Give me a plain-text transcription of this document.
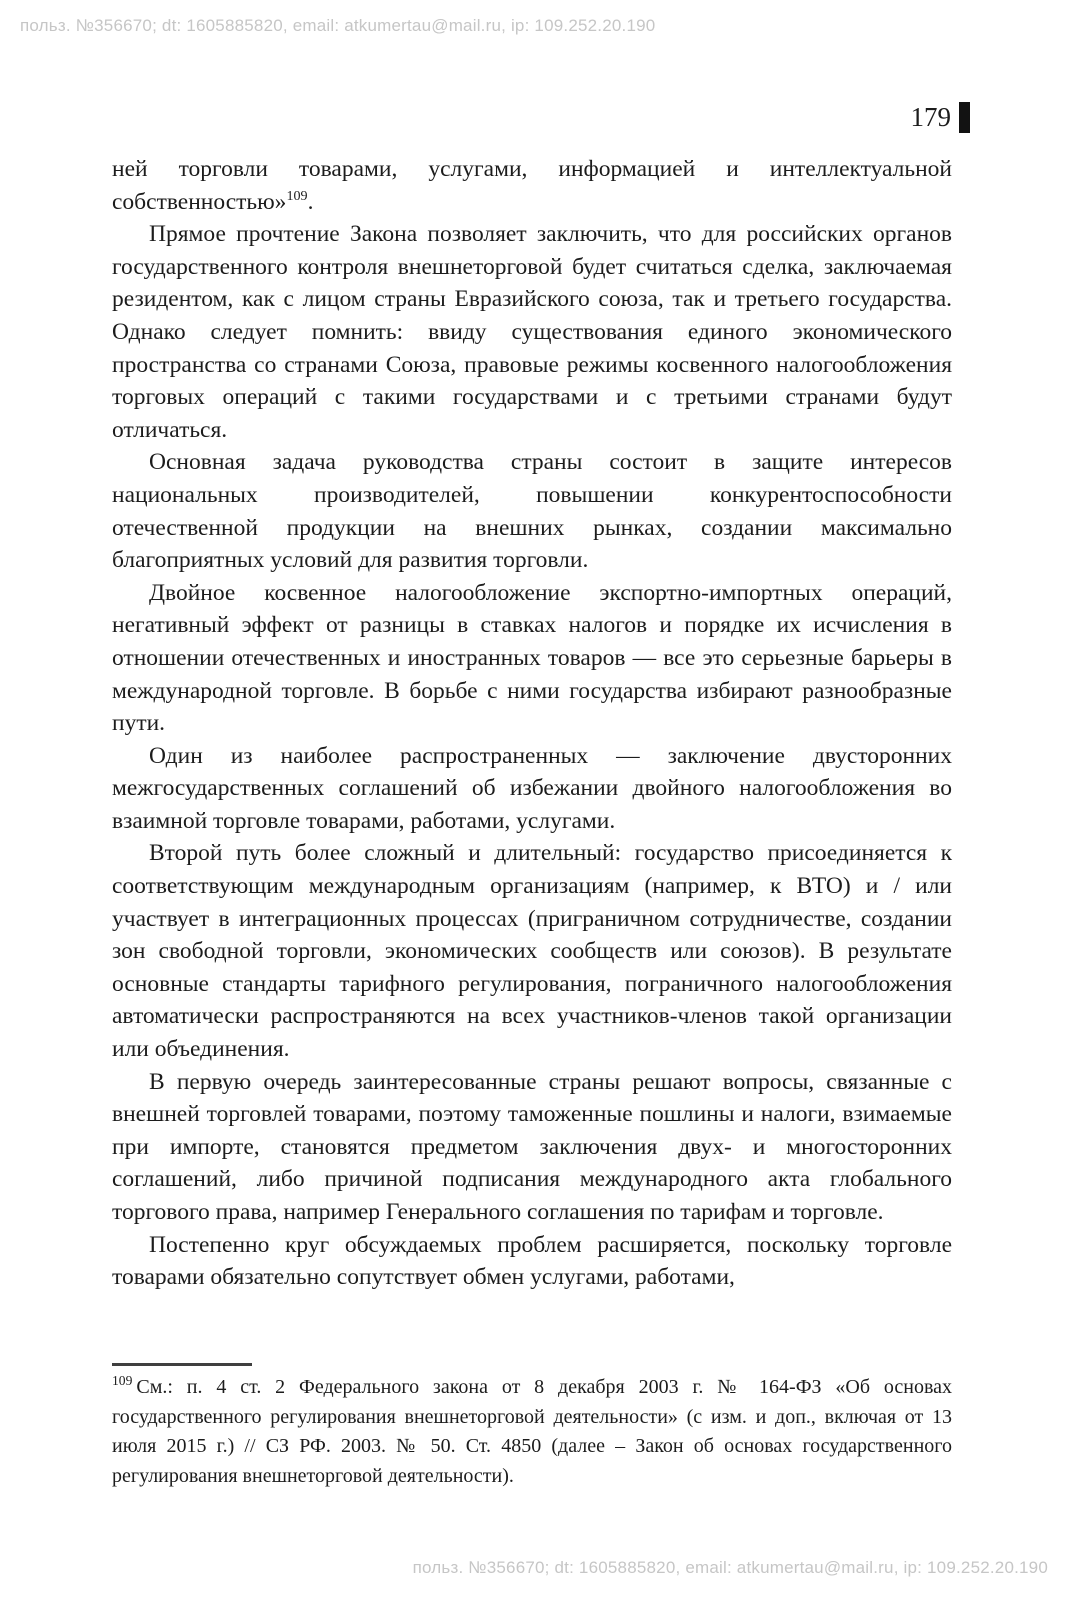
польз. №356670; dt: 1605885820, email: atkumertau@mail.ru, ip: 109.252.20.190
179

ней торговли товарами, услугами, информацией и интеллектуальной собственностью»$^{109}$.

Прямое прочтение Закона позволяет заключить, что для российских органов государственного контроля внешнеторговой будет считаться сделка, заключаемая резидентом, как с лицом страны Евразийского союза, так и третьего государства. Однако следует помнить: ввиду существования единого экономического пространства со странами Союза, правовые режимы косвенного налогообложения торговых операций с такими государствами и с третьими странами будут отличаться.

Основная задача руководства страны состоит в защите интересов национальных производителей, повышении конкурентоспособности отечественной продукции на внешних рынках, создании максимально благоприятных условий для развития торговли.

Двойное косвенное налогообложение экспортно-импортных операций, негативный эффект от разницы в ставках налогов и порядке их исчисления в отношении отечественных и иностранных товаров — все это серьезные барьеры в международной торговле. В борьбе с ними государства избирают разнообразные пути.

Один из наиболее распространенных — заключение двусторонних межгосударственных соглашений об избежании двойного налогообложения во взаимной торговле товарами, работами, услугами.

Второй путь более сложный и длительный: государство присоединяется к соответствующим международным организациям (например, к ВТО) и / или участвует в интеграционных процессах (приграничном сотрудничестве, создании зон свободной торговли, экономических сообществ или союзов). В результате основные стандарты тарифного регулирования, пограничного налогообложения автоматически распространяются на всех участников-членов такой организации или объединения.

В первую очередь заинтересованные страны решают вопросы, связанные с внешней торговлей товарами, поэтому таможенные пошлины и налоги, взимаемые при импорте, становятся предметом заключения двух- и многосторонних соглашений, либо причиной подписания международного акта глобального торгового права, например Генерального соглашения по тарифам и торговле.

Постепенно круг обсуждаемых проблем расширяется, поскольку торговле товарами обязательно сопутствует обмен услугами, работами,

$^{109}$ См.: п. 4 ст. 2 Федерального закона от 8 декабря 2003 г. № 164-ФЗ «Об основах государственного регулирования внешнеторговой деятельности» (с изм. и доп., включая от 13 июля 2015 г.) // СЗ РФ. 2003. № 50. Ст. 4850 (далее – Закон об основах государственного регулирования внешнеторговой деятельности).

польз. №356670; dt: 1605885820, email: atkumertau@mail.ru, ip: 109.252.20.190
